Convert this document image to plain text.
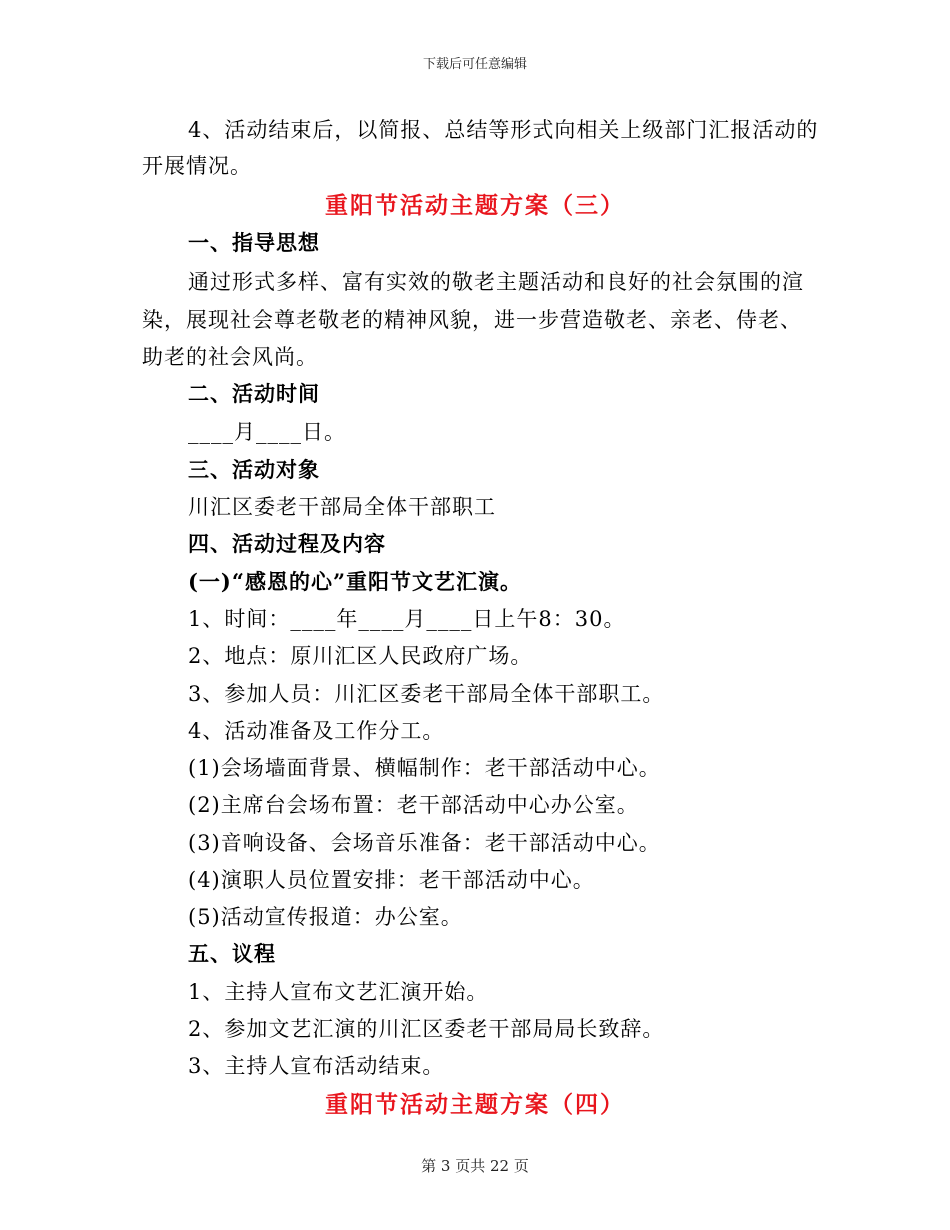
下载后可任意编辑
4、活动结束后，以简报、总结等形式向相关上级部门汇报活动的
开展情况。
重阳节活动主题方案（三）
一、指导思想
通过形式多样、富有实效的敬老主题活动和良好的社会氛围的渲
染，展现社会尊老敬老的精神风貌，进一步营造敬老、亲老、侍老、
助老的社会风尚。
二、活动时间
____月____日。
三、活动对象
川汇区委老干部局全体干部职工
四、活动过程及内容
(一)“感恩的心”重阳节文艺汇演。
1、时间：____年____月____日上午8：30。
2、地点：原川汇区人民政府广场。
3、参加人员：川汇区委老干部局全体干部职工。
4、活动准备及工作分工。
(1)会场墙面背景、横幅制作：老干部活动中心。
(2)主席台会场布置：老干部活动中心办公室。
(3)音响设备、会场音乐准备：老干部活动中心。
(4)演职人员位置安排：老干部活动中心。
(5)活动宣传报道：办公室。
五、议程
1、主持人宣布文艺汇演开始。
2、参加文艺汇演的川汇区委老干部局局长致辞。
3、主持人宣布活动结束。
重阳节活动主题方案（四）
第 3 页共 22 页
